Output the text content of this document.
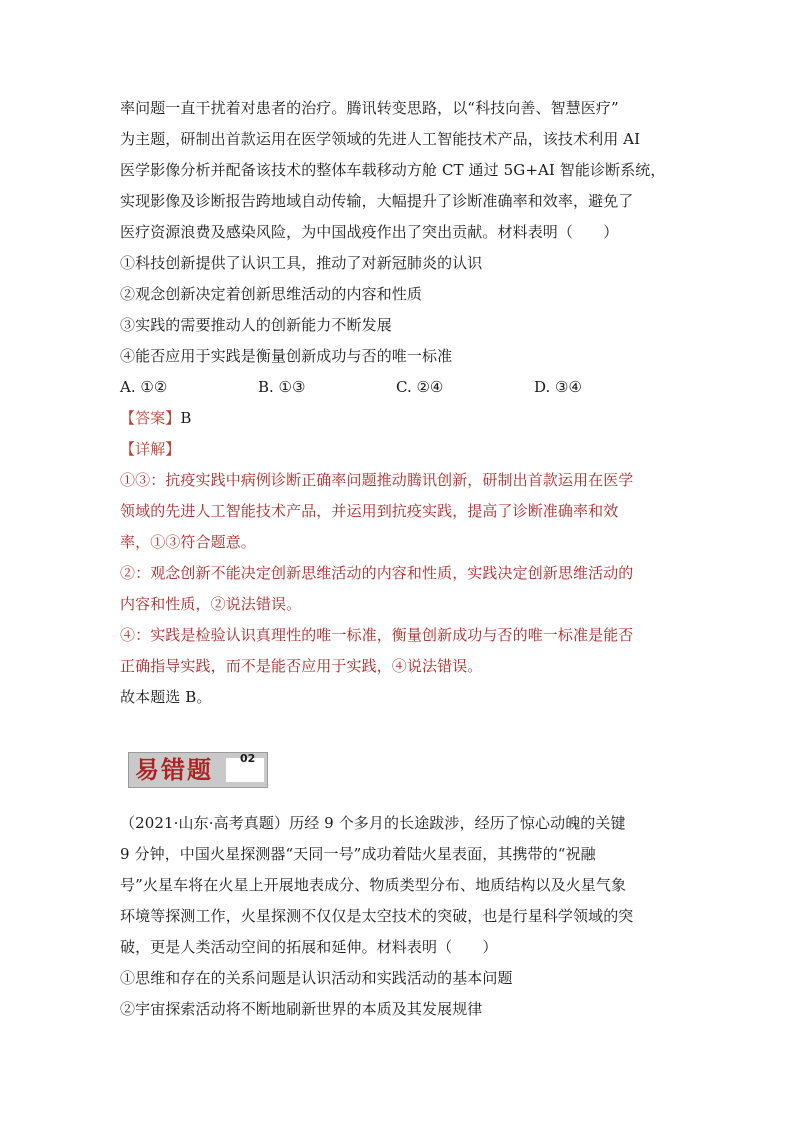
率问题一直干扰着对患者的治疗。腾讯转变思路，以“科技向善、智慧医疗”
为主题，研制出首款运用在医学领域的先进人工智能技术产品，该技术利用 AI
医学影像分析并配备该技术的整体车载移动方舱 CT 通过 5G+AI 智能诊断系统，
实现影像及诊断报告跨地域自动传输，大幅提升了诊断准确率和效率，避免了
医疗资源浪费及感染风险，为中国战疫作出了突出贡献。材料表明（　　）
①科技创新提供了认识工具，推动了对新冠肺炎的认识
②观念创新决定着创新思维活动的内容和性质
③实践的需要推动人的创新能力不断发展
④能否应用于实践是衡量创新成功与否的唯一标准
A. ①②	B. ①③	C. ②④	D. ③④
【答案】B
【详解】
①③：抗疫实践中病例诊断正确率问题推动腾讯创新，研制出首款运用在医学
领域的先进人工智能技术产品，并运用到抗疫实践，提高了诊断准确率和效
率，①③符合题意。
②：观念创新不能决定创新思维活动的内容和性质，实践决定创新思维活动的
内容和性质，②说法错误。
④：实践是检验认识真理性的唯一标准，衡量创新成功与否的唯一标准是能否
正确指导实践，而不是能否应用于实践，④说法错误。
故本题选 B。
易错题 02
（2021·山东·高考真题）历经 9 个多月的长途跋涉，经历了惊心动魄的关键
9 分钟，中国火星探测器“天同一号”成功着陆火星表面，其携带的“祝融
号”火星车将在火星上开展地表成分、物质类型分布、地质结构以及火星气象
环境等探测工作，火星探测不仅仅是太空技术的突破，也是行星科学领域的突
破，更是人类活动空间的拓展和延伸。材料表明（　　）
①思维和存在的关系问题是认识活动和实践活动的基本问题
②宇宙探索活动将不断地刷新世界的本质及其发展规律
